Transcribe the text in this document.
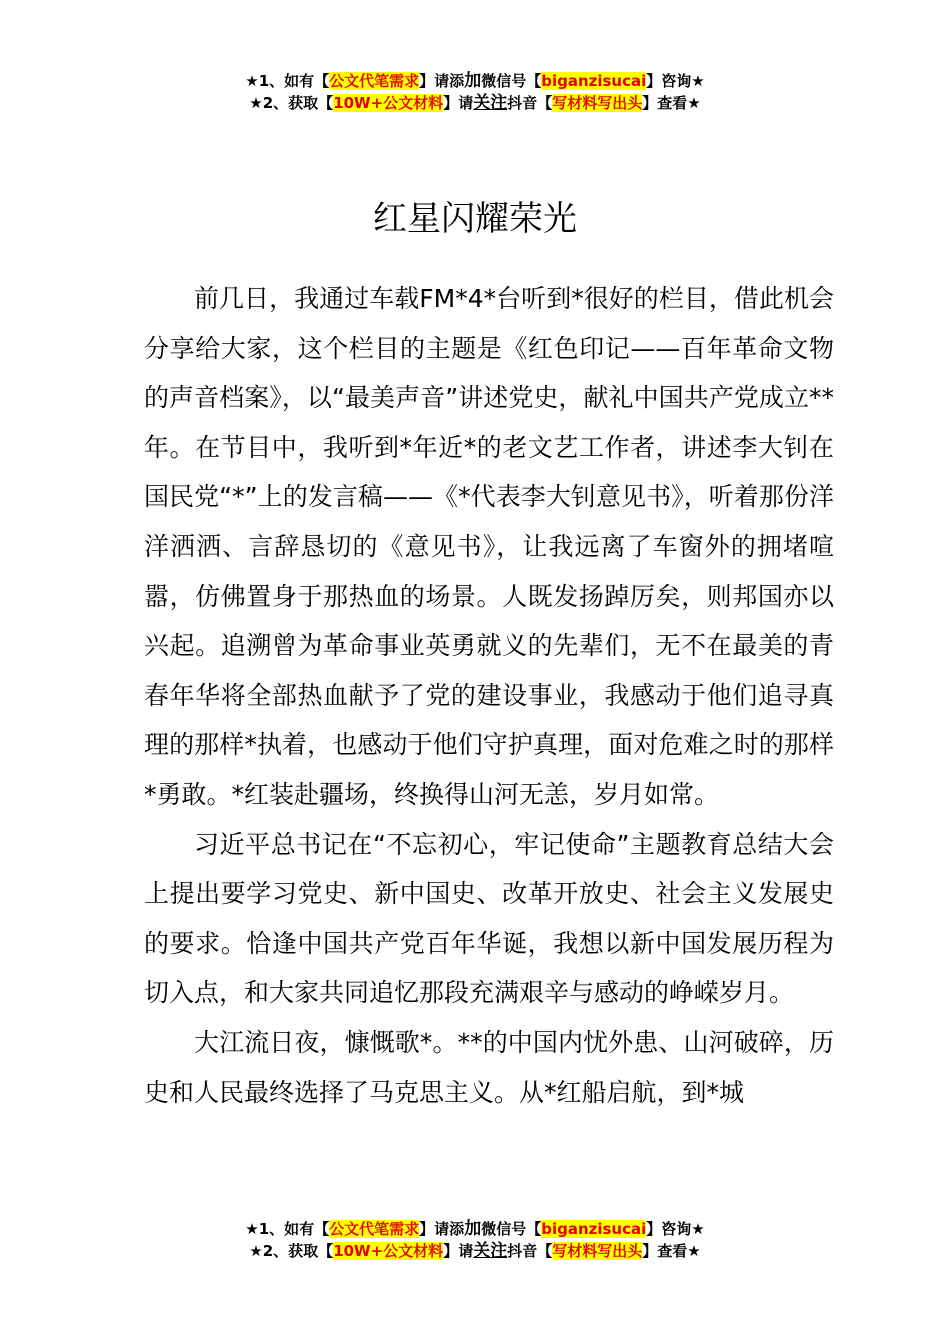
★1、如有【公文代笔需求】请添加微信号【biganzisucai】咨询★
★2、获取【10W+公文材料】请关注抖音【写材料写出头】查看★
红星闪耀荣光

前几日，我通过车载FM*4*台听到*很好的栏目，借此机会分享给大家，这个栏目的主题是《红色印记——百年革命文物的声音档案》，以“最美声音”讲述党史，献礼中国共产党成立**年。在节目中，我听到*年近*的老文艺工作者，讲述李大钊在国民党“*”上的发言稿——《*代表李大钊意见书》，听着那份洋洋洒洒、言辞恳切的《意见书》，让我远离了车窗外的拥堵喧嚣，仿佛置身于那热血的场景。人既发扬踔厉矣，则邦国亦以兴起。追溯曾为革命事业英勇就义的先辈们，无不在最美的青春年华将全部热血献予了党的建设事业，我感动于他们追寻真理的那样*执着，也感动于他们守护真理，面对危难之时的那样*勇敢。*红装赴疆场，终换得山河无恙，岁月如常。

习近平总书记在“不忘初心，牢记使命”主题教育总结大会上提出要学习党史、新中国史、改革开放史、社会主义发展史的要求。恰逢中国共产党百年华诞，我想以新中国发展历程为切入点，和大家共同追忆那段充满艰辛与感动的峥嵘岁月。

大江流日夜，慷慨歌*。**的中国内忧外患、山河破碎，历史和人民最终选择了马克思主义。从*红船启航，到*城

★1、如有【公文代笔需求】请添加微信号【biganzisucai】咨询★
★2、获取【10W+公文材料】请关注抖音【写材料写出头】查看★
